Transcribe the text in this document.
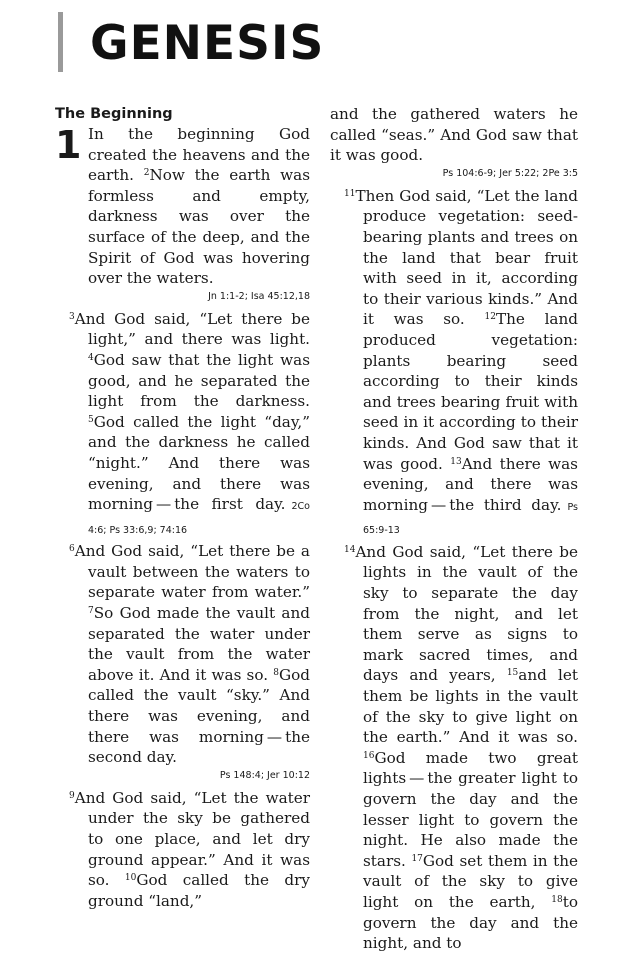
GENESIS

The Beginning

1 In the beginning God created the heavens and the earth. $^2$Now the earth was formless and empty, darkness was over the surface of the deep, and the Spirit of God was hovering over the waters.

Jn 1:1-2; Isa 45:12,18

$^3$And God said, “Let there be light,” and there was light. $^4$God saw that the light was good, and he separated the light from the darkness. $^5$God called the light “day,” and the darkness he called “night.” And there was evening, and there was morning — the first day. 2Co 4:6; Ps 33:6,9; 74:16

$^6$And God said, “Let there be a vault between the waters to separate water from water.” $^7$So God made the vault and separated the water under the vault from the water above it. And it was so. $^8$God called the vault “sky.” And there was evening, and there was morning — the second day.

Ps 148:4; Jer 10:12

$^9$And God said, “Let the water under the sky be gathered to one place, and let dry ground appear.” And it was so. $^{10}$God called the dry ground “land,”

and the gathered waters he called “seas.” And God saw that it was good.

Ps 104:6-9; Jer 5:22; 2Pe 3:5

$^{11}$Then God said, “Let the land produce vegetation: seed-bearing plants and trees on the land that bear fruit with seed in it, according to their various kinds.” And it was so. $^{12}$The land produced vegetation: plants bearing seed according to their kinds and trees bearing fruit with seed in it according to their kinds. And God saw that it was good. $^{13}$And there was evening, and there was morning — the third day. Ps 65:9-13

$^{14}$And God said, “Let there be lights in the vault of the sky to separate the day from the night, and let them serve as signs to mark sacred times, and days and years, $^{15}$and let them be lights in the vault of the sky to give light on the earth.” And it was so. $^{16}$God made two great lights — the greater light to govern the day and the lesser light to govern the night. He also made the stars. $^{17}$God set them in the vault of the sky to give light on the earth, $^{18}$to govern the day and the night, and to
